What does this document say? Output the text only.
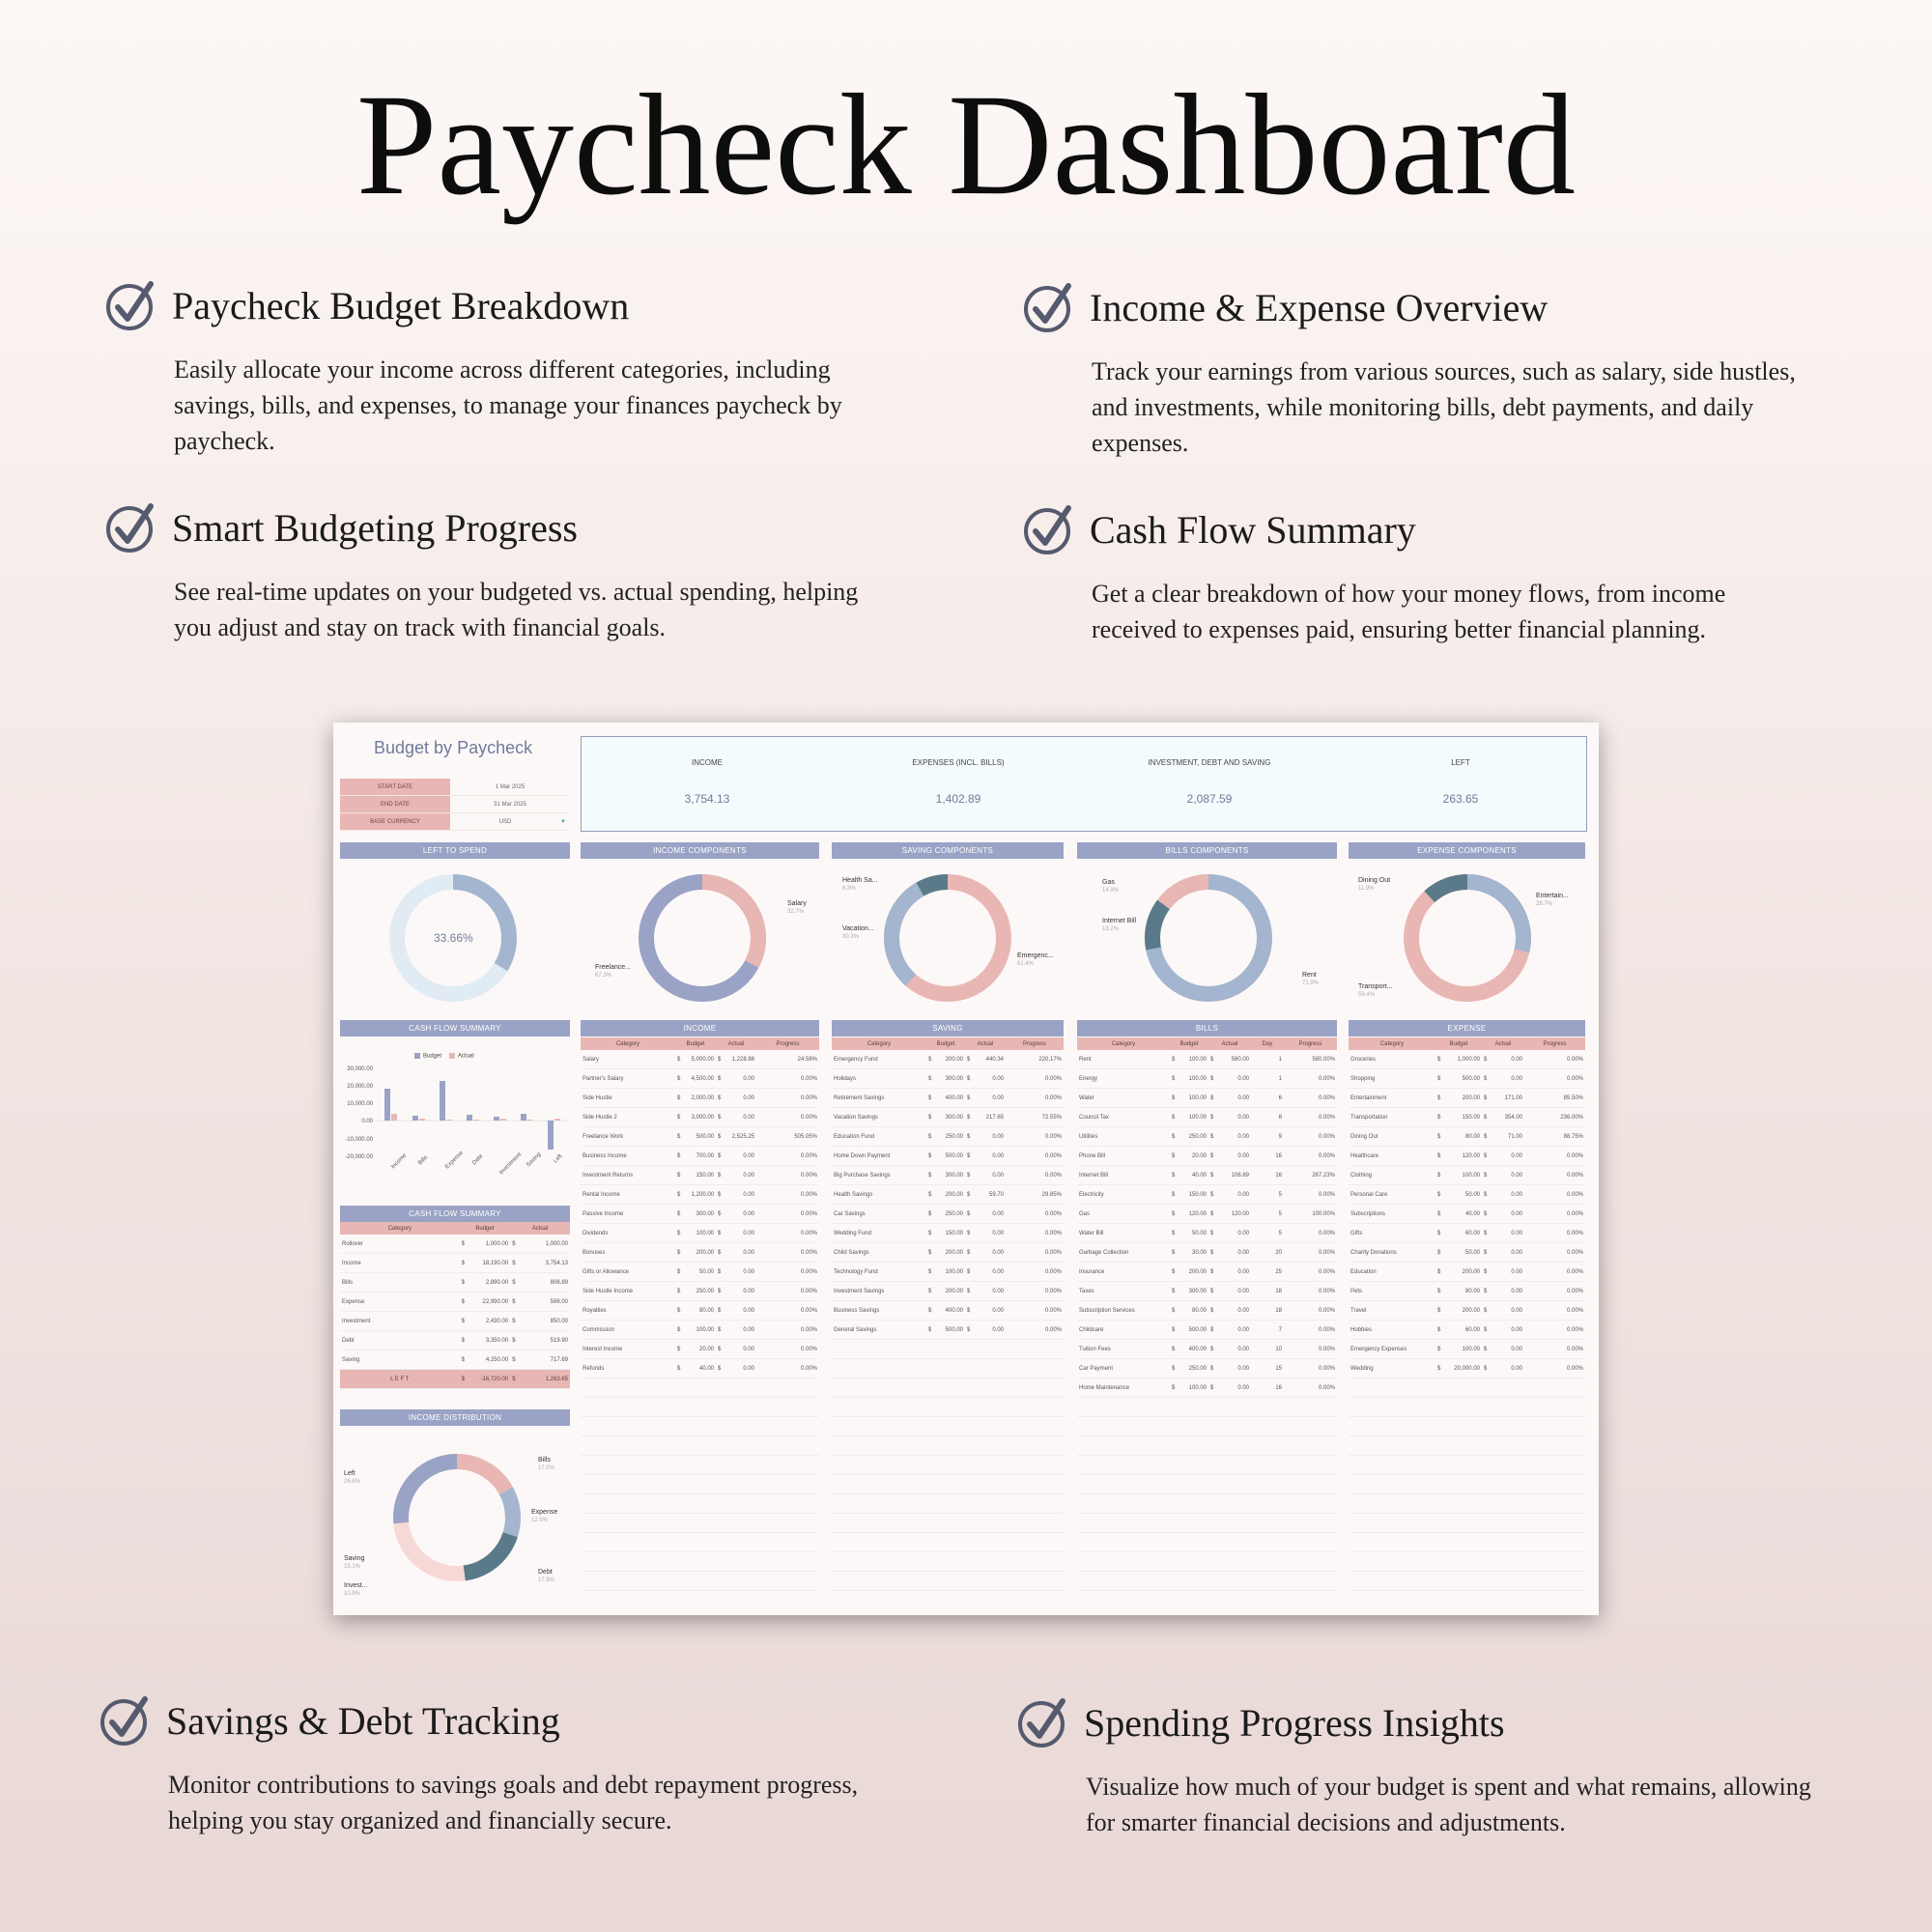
Paycheck Dashboard
Paycheck Budget Breakdown
Easily allocate your income across different categories, including savings, bills, and expenses, to manage your finances paycheck by paycheck.
Income & Expense Overview
Track your earnings from various sources, such as salary, side hustles, and investments, while monitoring bills, debt payments, and daily expenses.
Smart Budgeting Progress
See real-time updates on your budgeted vs. actual spending, helping you adjust and stay on track with financial goals.
Cash Flow Summary
Get a clear breakdown of how your money flows, from income received to expenses paid, ensuring better financial planning.
Savings & Debt Tracking
Monitor contributions to savings goals and debt repayment progress, helping you stay organized and financially secure.
Spending Progress Insights
Visualize how much of your budget is spent and what remains, allowing for smarter financial decisions and adjustments.
Budget by Paycheck
START DATE	1 Mar 2025
END DATE	31 Mar 2025
BASE CURRENCY	USD	▼
INCOME
3,754.13
EXPENSES (INCL. BILLS)
1,402.89
INVESTMENT, DEBT AND SAVING
2,087.59
LEFT
263.65
LEFT TO SPEND	INCOME COMPONENTS	SAVING COMPONENTS	BILLS COMPONENTS	EXPENSE COMPONENTS
33.66%
Salary
32.7%
Freelance...
67.3%
Health Sa...
8.3%
Vacation...
30.3%
Emergenc...
61.4%
Gas
14.9%
Internet Bill
13.2%
Rent
71.9%
Dining Out
11.9%
Entertain...
28.7%
Transport...
59.4%
CASH FLOW SUMMARY	INCOME	SAVING	BILLS	EXPENSE
Budget	Actual
30,000.00
20,000.00
10,000.00
0.00
-10,000.00
-20,000.00	Income Bills	Expense Debt Investment Saving Left
CASH FLOW SUMMARY
Category	Budget		Actual	
Rollover	$	1,000.00	$	1,000.00
Income	$	18,190.00	$	3,754.13
Bills	$	2,890.00	$	806.89
Expense	$	22,990.00	$	596.00
Investment	$	2,430.00	$	850.00
Debt	$	3,350.00	$	519.90
Saving	$	4,250.00	$	717.69
L E F T	$	-16,720.00	$	1,263.65
INCOME DISTRIBUTION
Left
26.6%
Bills
17.0%
Expense
12.9%
Debt
17.9%
Invest...
10.9%
Saving
15.1%
Category	Budget		Actual		Progress
Salary	$	5,000.00	$	1,228.88	24.58%
Partner's Salary	$	4,500.00	$	0.00	0.00%
Side Hustle	$	2,000.00	$	0.00	0.00%
Side Hustle 2	$	3,000.00	$	0.00	0.00%
Freelance Work	$	500.00	$	2,525.25	505.05%
Business Income	$	700.00	$	0.00	0.00%
Investment Returns	$	150.00	$	0.00	0.00%
Rental Income	$	1,200.00	$	0.00	0.00%
Passive Income	$	300.00	$	0.00	0.00%
Dividends	$	100.00	$	0.00	0.00%
Bonuses	$	200.00	$	0.00	0.00%
Gifts or Allowance	$	50.00	$	0.00	0.00%
Side Hustle Income	$	250.00	$	0.00	0.00%
Royalties	$	80.00	$	0.00	0.00%
Commission	$	100.00	$	0.00	0.00%
Interest Income	$	20.00	$	0.00	0.00%
Refunds	$	40.00	$	0.00	0.00%
Category	Budget		Actual		Progress
Emergency Fund	$	200.00	$	440.34	220.17%
Holidays	$	300.00	$	0.00	0.00%
Retirement Savings	$	400.00	$	0.00	0.00%
Vacation Savings	$	300.00	$	217.65	72.55%
Education Fund	$	250.00	$	0.00	0.00%
Home Down Payment	$	500.00	$	0.00	0.00%
Big Purchase Savings	$	300.00	$	0.00	0.00%
Health Savings	$	200.00	$	59.70	29.85%
Car Savings	$	250.00	$	0.00	0.00%
Wedding Fund	$	150.00	$	0.00	0.00%
Child Savings	$	200.00	$	0.00	0.00%
Technology Fund	$	100.00	$	0.00	0.00%
Investment Savings	$	200.00	$	0.00	0.00%
Business Savings	$	400.00	$	0.00	0.00%
General Savings	$	500.00	$	0.00	0.00%
Category	Budget		Actual		Day	Progress
Rent	$	100.00	$	580.00	1	580.00%
Energy	$	100.00	$	0.00	1	0.00%
Water	$	100.00	$	0.00	6	0.00%
Council Tax	$	100.00	$	0.00	8	0.00%
Utilities	$	250.00	$	0.00	9	0.00%
Phone Bill	$	20.00	$	0.00	16	0.00%
Internet Bill	$	40.00	$	106.89	16	267.23%
Electricity	$	150.00	$	0.00	5	0.00%
Gas	$	120.00	$	120.00	5	100.00%
Water Bill	$	50.00	$	0.00	5	0.00%
Garbage Collection	$	30.00	$	0.00	20	0.00%
Insurance	$	200.00	$	0.00	25	0.00%
Taxes	$	300.00	$	0.00	18	0.00%
Subscription Services	$	80.00	$	0.00	18	0.00%
Childcare	$	500.00	$	0.00	7	0.00%
Tuition Fees	$	400.00	$	0.00	10	0.00%
Car Payment	$	250.00	$	0.00	15	0.00%
Home Maintenance	$	100.00	$	0.00	16	0.00%
Category	Budget		Actual		Progress
Groceries	$	1,000.00	$	0.00	0.00%
Shopping	$	500.00	$	0.00	0.00%
Entertainment	$	200.00	$	171.00	85.50%
Transportation	$	150.00	$	354.00	236.00%
Dining Out	$	80.00	$	71.00	88.75%
Healthcare	$	120.00	$	0.00	0.00%
Clothing	$	100.00	$	0.00	0.00%
Personal Care	$	50.00	$	0.00	0.00%
Subscriptions	$	40.00	$	0.00	0.00%
Gifts	$	60.00	$	0.00	0.00%
Charity Donations	$	50.00	$	0.00	0.00%
Education	$	200.00	$	0.00	0.00%
Pets	$	80.00	$	0.00	0.00%
Travel	$	200.00	$	0.00	0.00%
Hobbies	$	60.00	$	0.00	0.00%
Emergency Expenses	$	100.00	$	0.00	0.00%
Wedding	$	20,000.00	$	0.00	0.00%
